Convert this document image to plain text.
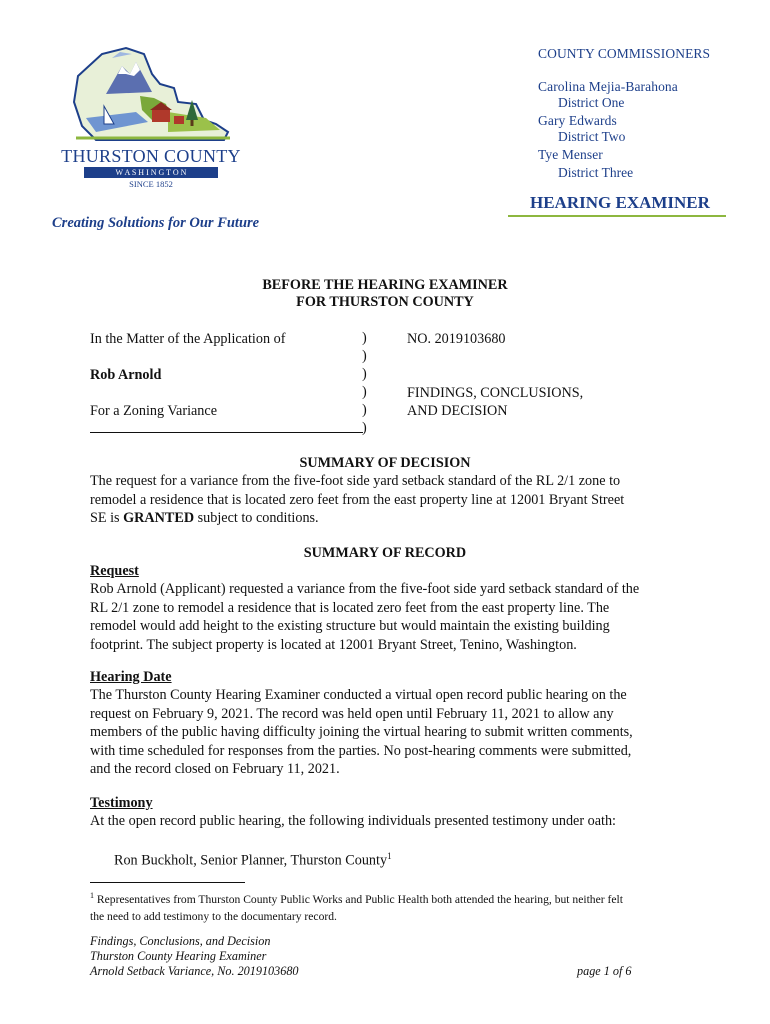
THURSTON COUNTY
W A S H I N G T O N
SINCE 1852
COUNTY COMMISSIONERS
Carolina Mejia-Barahona
District One
Gary Edwards
District Two
Tye Menser
District Three
HEARING EXAMINER
Creating Solutions for Our Future
BEFORE THE HEARING EXAMINER
FOR THURSTON COUNTY
In the Matter of the Application of
Rob Arnold
For a Zoning Variance
)
)
)
)
)
)
NO. 2019103680
FINDINGS, CONCLUSIONS,
AND DECISION
SUMMARY OF DECISION
The request for a variance from the five-foot side yard setback standard of the RL 2/1 zone to
remodel a residence that is located zero feet from the east property line at 12001 Bryant Street
SE is GRANTED subject to conditions.
SUMMARY OF RECORD
Request
Rob Arnold (Applicant) requested a variance from the five-foot side yard setback standard of the
RL 2/1 zone to remodel a residence that is located zero feet from the east property line. The
remodel would add height to the existing structure but would maintain the existing building
footprint. The subject property is located at 12001 Bryant Street, Tenino, Washington.
Hearing Date
The Thurston County Hearing Examiner conducted a virtual open record public hearing on the
request on February 9, 2021. The record was held open until February 11, 2021 to allow any
members of the public having difficulty joining the virtual hearing to submit written comments,
with time scheduled for responses from the parties. No post-hearing comments were submitted,
and the record closed on February 11, 2021.
Testimony
At the open record public hearing, the following individuals presented testimony under oath:
Ron Buckholt, Senior Planner, Thurston County$^1$
$^1$ Representatives from Thurston County Public Works and Public Health both attended the hearing, but neither felt
the need to add testimony to the documentary record.
Findings, Conclusions, and Decision
Thurston County Hearing Examiner
Arnold Setback Variance, No. 2019103680	page 1 of 6
